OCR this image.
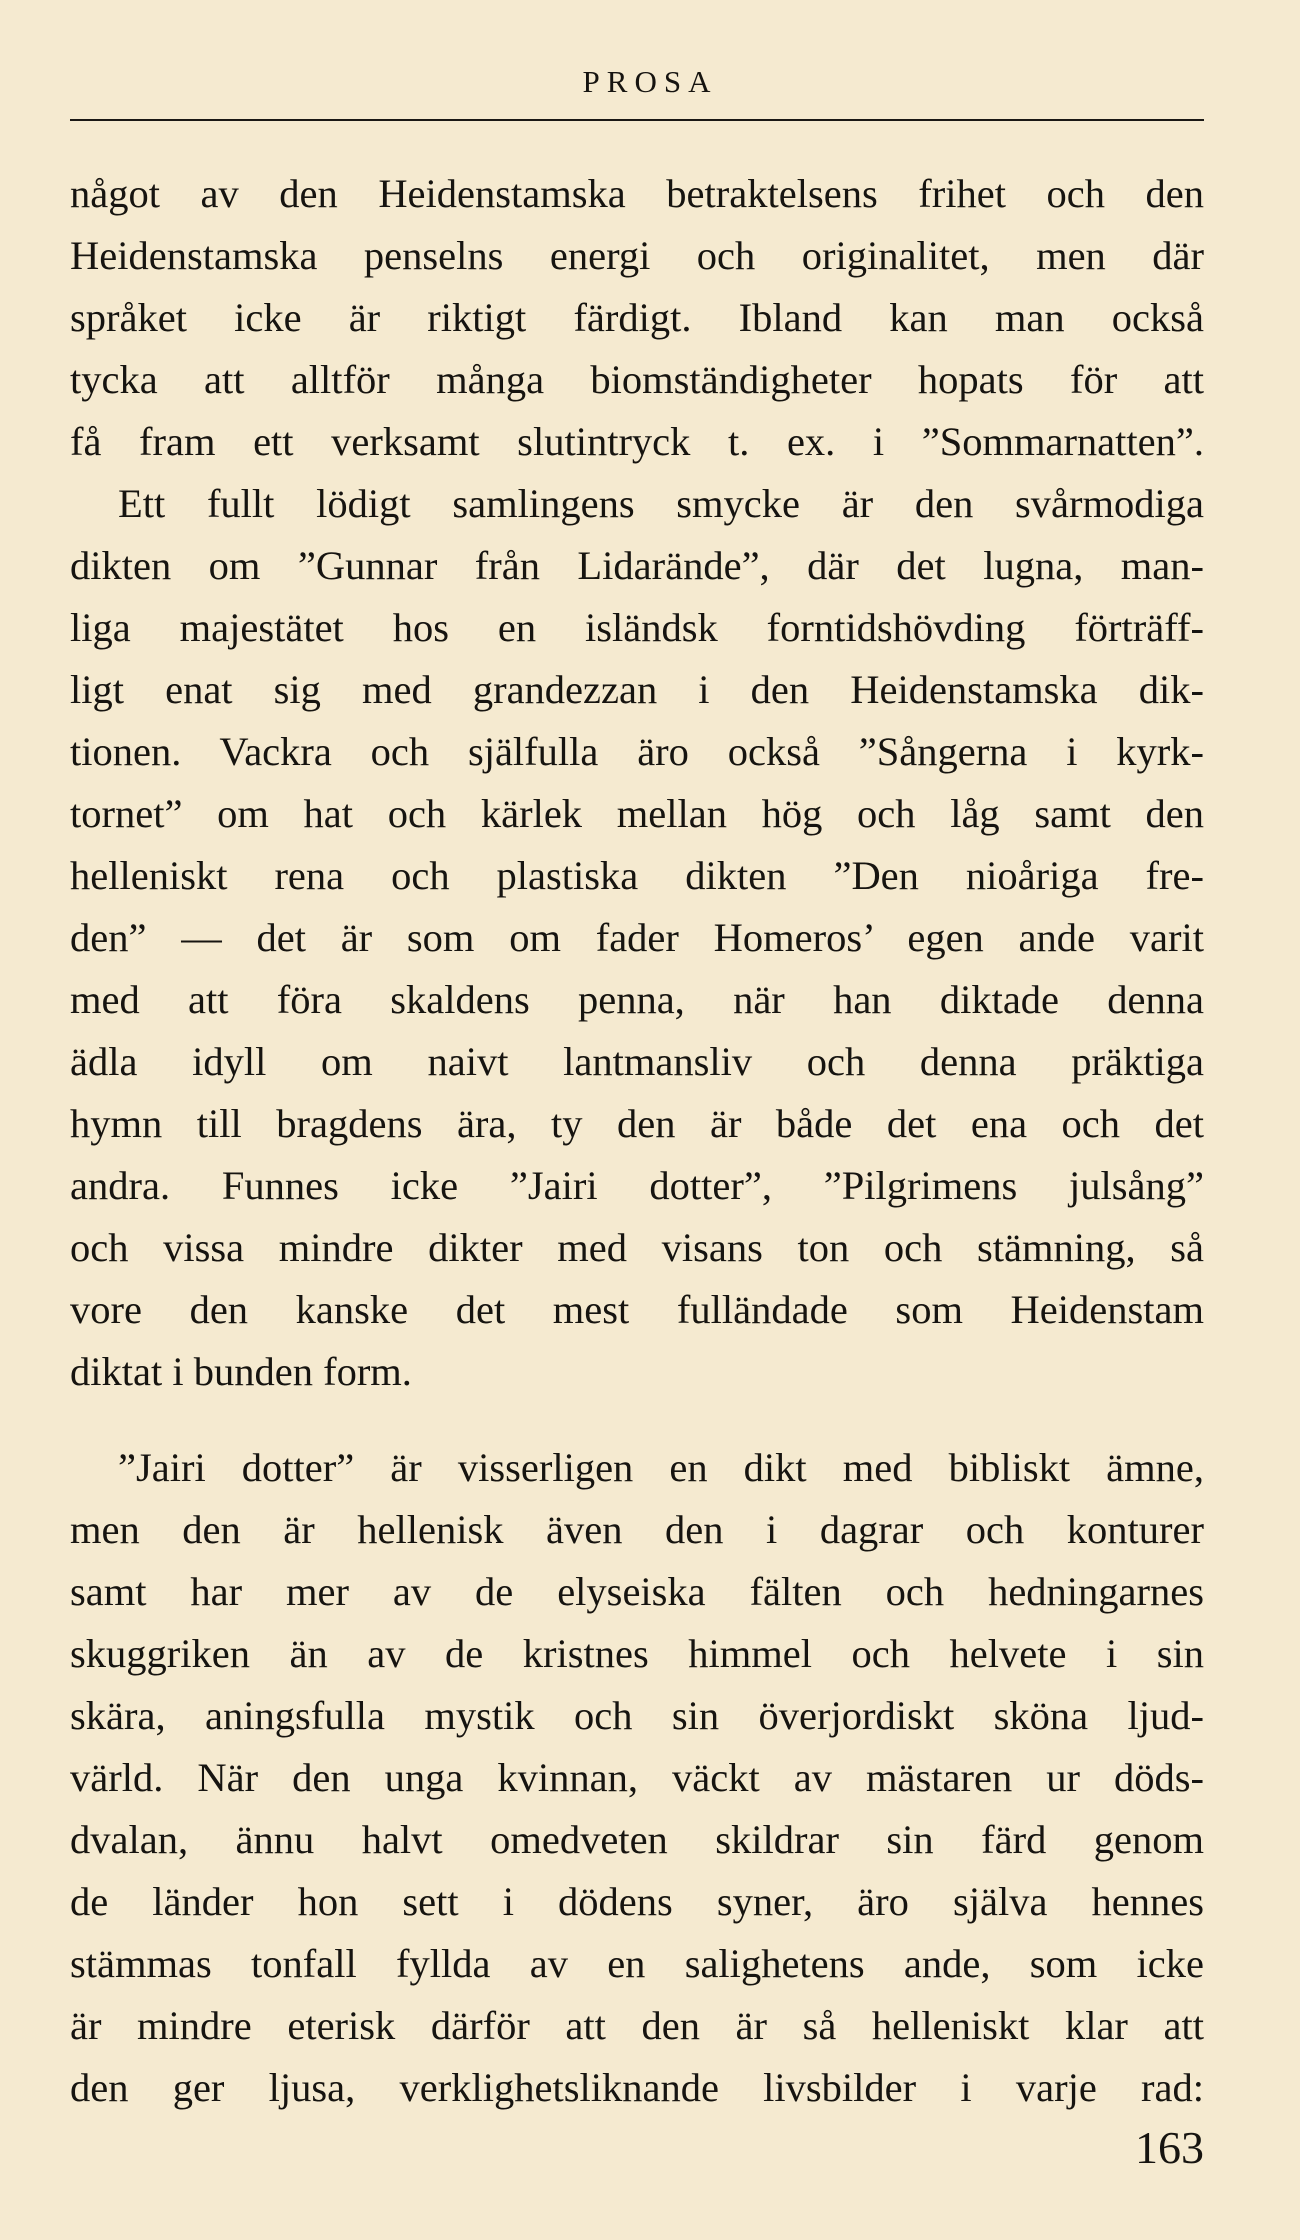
PROSA

något av den Heidenstamska betraktelsens frihet och den
Heidenstamska penselns energi och originalitet, men där
språket icke är riktigt färdigt. Ibland kan man också
tycka att alltför många biomständigheter hopats för att
få fram ett verksamt slutintryck t. ex. i ”Sommarnatten”.

Ett fullt lödigt samlingens smycke är den svårmodiga
dikten om ”Gunnar från Lidarände”, där det lugna, man-
liga majestätet hos en isländsk forntidshövding förträff-
ligt enat sig med grandezzan i den Heidenstamska dik-
tionen. Vackra och själfulla äro också ”Sångerna i kyrk-
tornet” om hat och kärlek mellan hög och låg samt den
helleniskt rena och plastiska dikten ”Den nioåriga fre-
den” — det är som om fader Homeros’ egen ande varit
med att föra skaldens penna, när han diktade denna
ädla idyll om naivt lantmansliv och denna präktiga
hymn till bragdens ära, ty den är både det ena och det
andra. Funnes icke ”Jairi dotter”, ”Pilgrimens julsång”
och vissa mindre dikter med visans ton och stämning, så
vore den kanske det mest fulländade som Heidenstam
diktat i bunden form.

”Jairi dotter” är visserligen en dikt med bibliskt ämne,
men den är hellenisk även den i dagrar och konturer
samt har mer av de elyseiska fälten och hedningarnes
skuggriken än av de kristnes himmel och helvete i sin
skära, aningsfulla mystik och sin överjordiskt sköna ljud-
värld. När den unga kvinnan, väckt av mästaren ur döds-
dvalan, ännu halvt omedveten skildrar sin färd genom
de länder hon sett i dödens syner, äro själva hennes
stämmas tonfall fyllda av en salighetens ande, som icke
är mindre eterisk därför att den är så helleniskt klar att
den ger ljusa, verklighetsliknande livsbilder i varje rad:

163
